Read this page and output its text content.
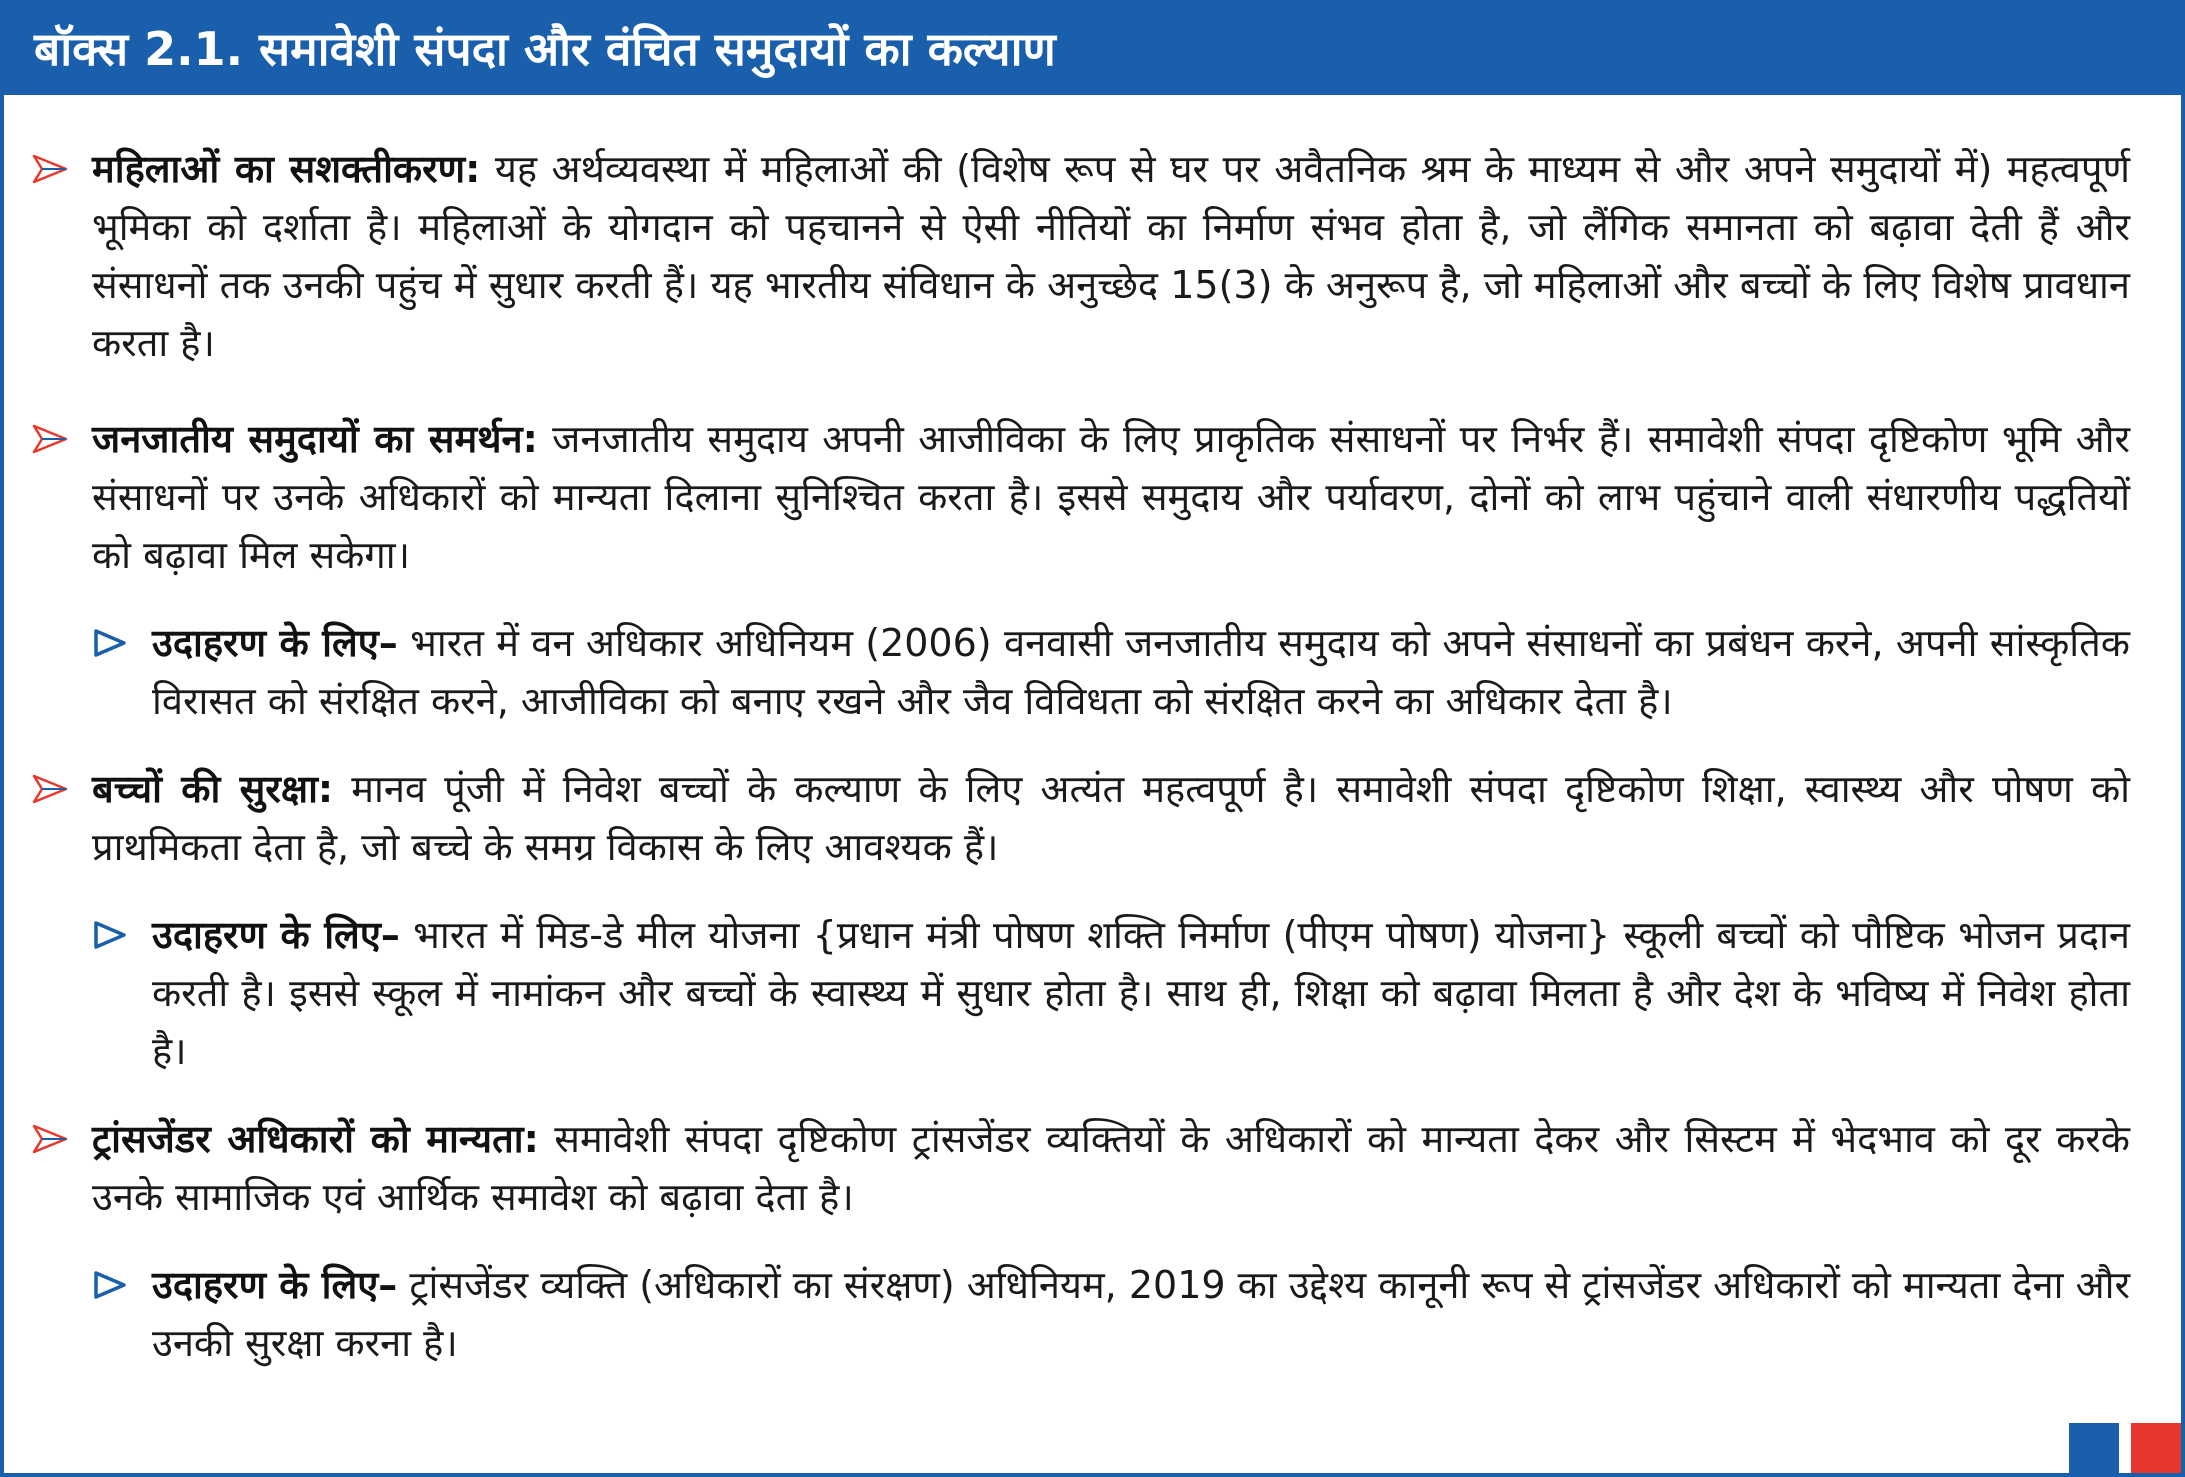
बॉक्स 2.1. समावेशी संपदा और वंचित समुदायों का कल्याण
महिलाओं का सशक्तीकरण: यह अर्थव्यवस्था में महिलाओं की (विशेष रूप से घर पर अवैतनिक श्रम के माध्यम से और अपने समुदायों में) महत्वपूर्ण भूमिका को दर्शाता है। महिलाओं के योगदान को पहचानने से ऐसी नीतियों का निर्माण संभव होता है, जो लैंगिक समानता को बढ़ावा देती हैं और संसाधनों तक उनकी पहुंच में सुधार करती हैं। यह भारतीय संविधान के अनुच्छेद 15(3) के अनुरूप है, जो महिलाओं और बच्चों के लिए विशेष प्रावधान करता है।
जनजातीय समुदायों का समर्थन: जनजातीय समुदाय अपनी आजीविका के लिए प्राकृतिक संसाधनों पर निर्भर हैं। समावेशी संपदा दृष्टिकोण भूमि और संसाधनों पर उनके अधिकारों को मान्यता दिलाना सुनिश्चित करता है। इससे समुदाय और पर्यावरण, दोनों को लाभ पहुंचाने वाली संधारणीय पद्धतियों को बढ़ावा मिल सकेगा।
उदाहरण के लिए– भारत में वन अधिकार अधिनियम (2006) वनवासी जनजातीय समुदाय को अपने संसाधनों का प्रबंधन करने, अपनी सांस्कृतिक विरासत को संरक्षित करने, आजीविका को बनाए रखने और जैव विविधता को संरक्षित करने का अधिकार देता है।
बच्चों की सुरक्षा: मानव पूंजी में निवेश बच्चों के कल्याण के लिए अत्यंत महत्वपूर्ण है। समावेशी संपदा दृष्टिकोण शिक्षा, स्वास्थ्य और पोषण को प्राथमिकता देता है, जो बच्चे के समग्र विकास के लिए आवश्यक हैं।
उदाहरण के लिए– भारत में मिड-डे मील योजना {प्रधान मंत्री पोषण शक्ति निर्माण (पीएम पोषण) योजना} स्कूली बच्चों को पौष्टिक भोजन प्रदान करती है। इससे स्कूल में नामांकन और बच्चों के स्वास्थ्य में सुधार होता है। साथ ही, शिक्षा को बढ़ावा मिलता है और देश के भविष्य में निवेश होता है।
ट्रांसजेंडर अधिकारों को मान्यता: समावेशी संपदा दृष्टिकोण ट्रांसजेंडर व्यक्तियों के अधिकारों को मान्यता देकर और सिस्टम में भेदभाव को दूर करके उनके सामाजिक एवं आर्थिक समावेश को बढ़ावा देता है।
उदाहरण के लिए– ट्रांसजेंडर व्यक्ति (अधिकारों का संरक्षण) अधिनियम, 2019 का उद्देश्य कानूनी रूप से ट्रांसजेंडर अधिकारों को मान्यता देना और उनकी सुरक्षा करना है।
